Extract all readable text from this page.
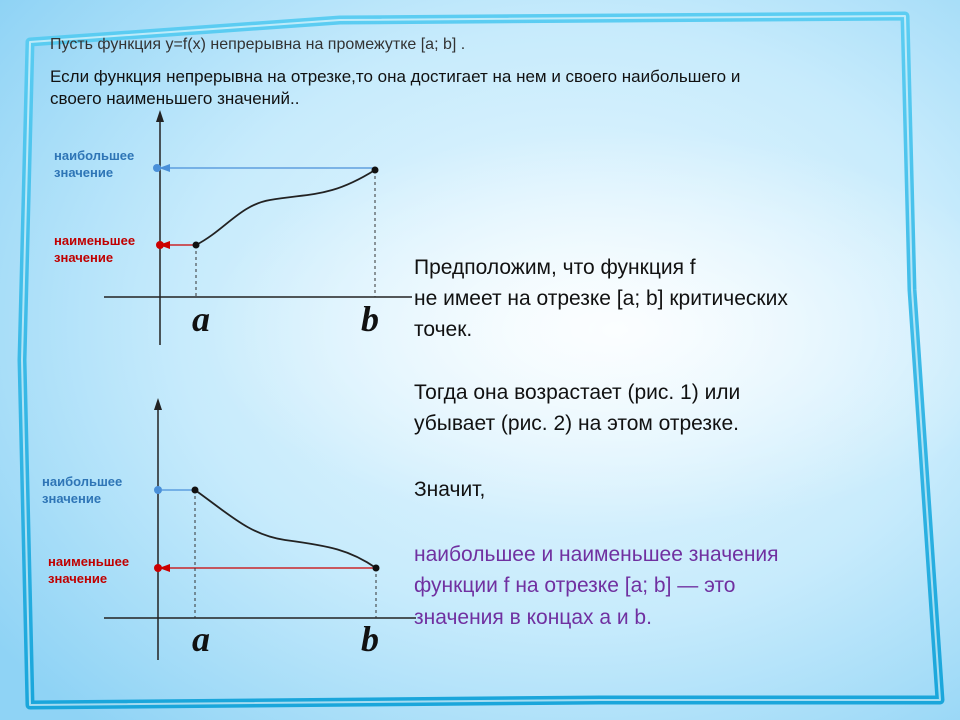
Пусть функция y=f(x) непрерывна на промежутке [a; b] .

Если функция непрерывна на отрезке,то она достигает на нем и своего наибольшего и

своего наименьшего значений..

наибольшее
значение
наименьшее
значение
a	b
наибольшее
значение
наименьшее
значение
a	b

Предположим, что функция f

не имеет на отрезке [a; b] критических

точек.

Тогда она возрастает (рис. 1) или

убывает (рис. 2) на этом отрезке.

Значит,

наибольшее и наименьшее значения

функции f на отрезке [a; b] — это

значения в концах a и b.
